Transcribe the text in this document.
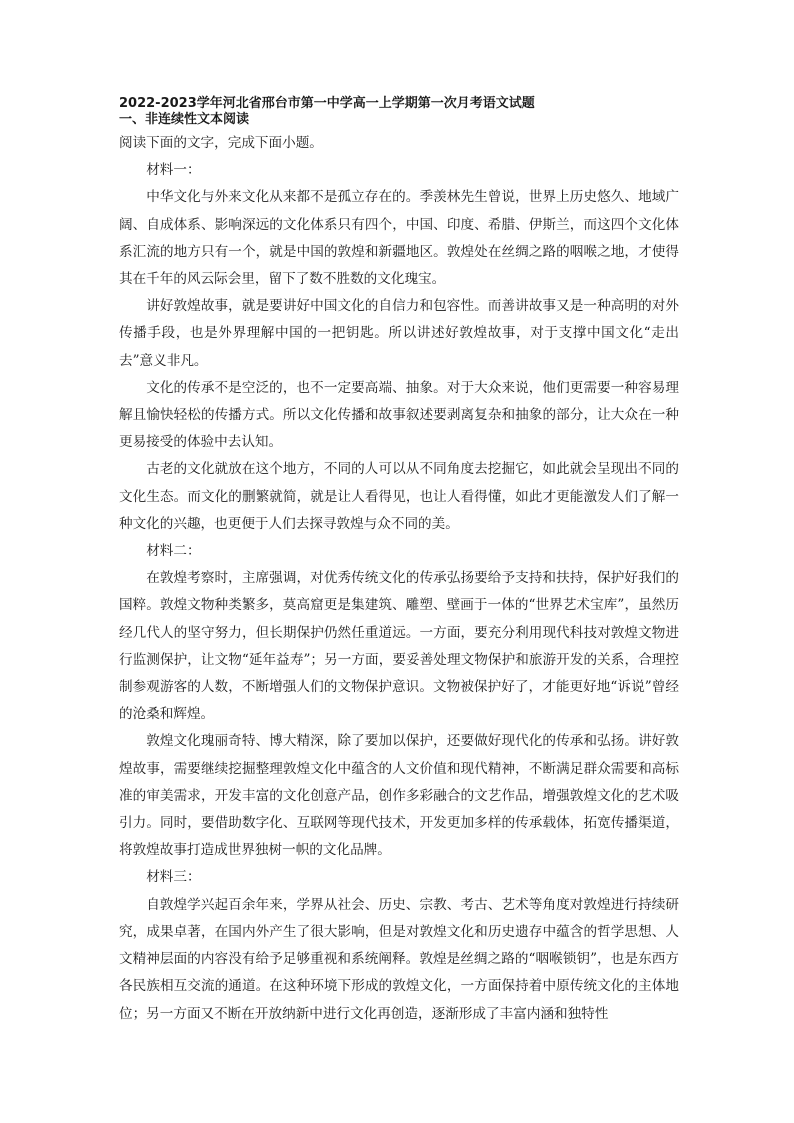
2022-2023学年河北省邢台市第一中学高一上学期第一次月考语文试题
一、非连续性文本阅读

阅读下面的文字，完成下面小题。

材料一：

中华文化与外来文化从来都不是孤立存在的。季羡林先生曾说，世界上历史悠久、地域广阔、自成体系、影响深远的文化体系只有四个，中国、印度、希腊、伊斯兰，而这四个文化体系汇流的地方只有一个，就是中国的敦煌和新疆地区。敦煌处在丝绸之路的咽喉之地，才使得其在千年的风云际会里，留下了数不胜数的文化瑰宝。

讲好敦煌故事，就是要讲好中国文化的自信力和包容性。而善讲故事又是一种高明的对外传播手段，也是外界理解中国的一把钥匙。所以讲述好敦煌故事，对于支撑中国文化“走出去”意义非凡。

文化的传承不是空泛的，也不一定要高端、抽象。对于大众来说，他们更需要一种容易理解且愉快轻松的传播方式。所以文化传播和故事叙述要剥离复杂和抽象的部分，让大众在一种更易接受的体验中去认知。

古老的文化就放在这个地方，不同的人可以从不同角度去挖掘它，如此就会呈现出不同的文化生态。而文化的删繁就简，就是让人看得见，也让人看得懂，如此才更能激发人们了解一种文化的兴趣，也更便于人们去探寻敦煌与众不同的美。

材料二：

在敦煌考察时，主席强调，对优秀传统文化的传承弘扬要给予支持和扶持，保护好我们的国粹。敦煌文物种类繁多，莫高窟更是集建筑、雕塑、壁画于一体的“世界艺术宝库”，虽然历经几代人的坚守努力，但长期保护仍然任重道远。一方面，要充分利用现代科技对敦煌文物进行监测保护，让文物“延年益寿”；另一方面，要妥善处理文物保护和旅游开发的关系，合理控制参观游客的人数，不断增强人们的文物保护意识。文物被保护好了，才能更好地“诉说”曾经的沧桑和辉煌。

敦煌文化瑰丽奇特、博大精深，除了要加以保护，还要做好现代化的传承和弘扬。讲好敦煌故事，需要继续挖掘整理敦煌文化中蕴含的人文价值和现代精神，不断满足群众需要和高标准的审美需求，开发丰富的文化创意产品，创作多彩融合的文艺作品，增强敦煌文化的艺术吸引力。同时，要借助数字化、互联网等现代技术，开发更加多样的传承载体，拓宽传播渠道，将敦煌故事打造成世界独树一帜的文化品牌。

材料三：

自敦煌学兴起百余年来，学界从社会、历史、宗教、考古、艺术等角度对敦煌进行持续研究，成果卓著，在国内外产生了很大影响，但是对敦煌文化和历史遗存中蕴含的哲学思想、人文精神层面的内容没有给予足够重视和系统阐释。敦煌是丝绸之路的“咽喉锁钥”，也是东西方各民族相互交流的通道。在这种环境下形成的敦煌文化，一方面保持着中原传统文化的主体地位；另一方面又不断在开放纳新中进行文化再创造，逐渐形成了丰富内涵和独特性
